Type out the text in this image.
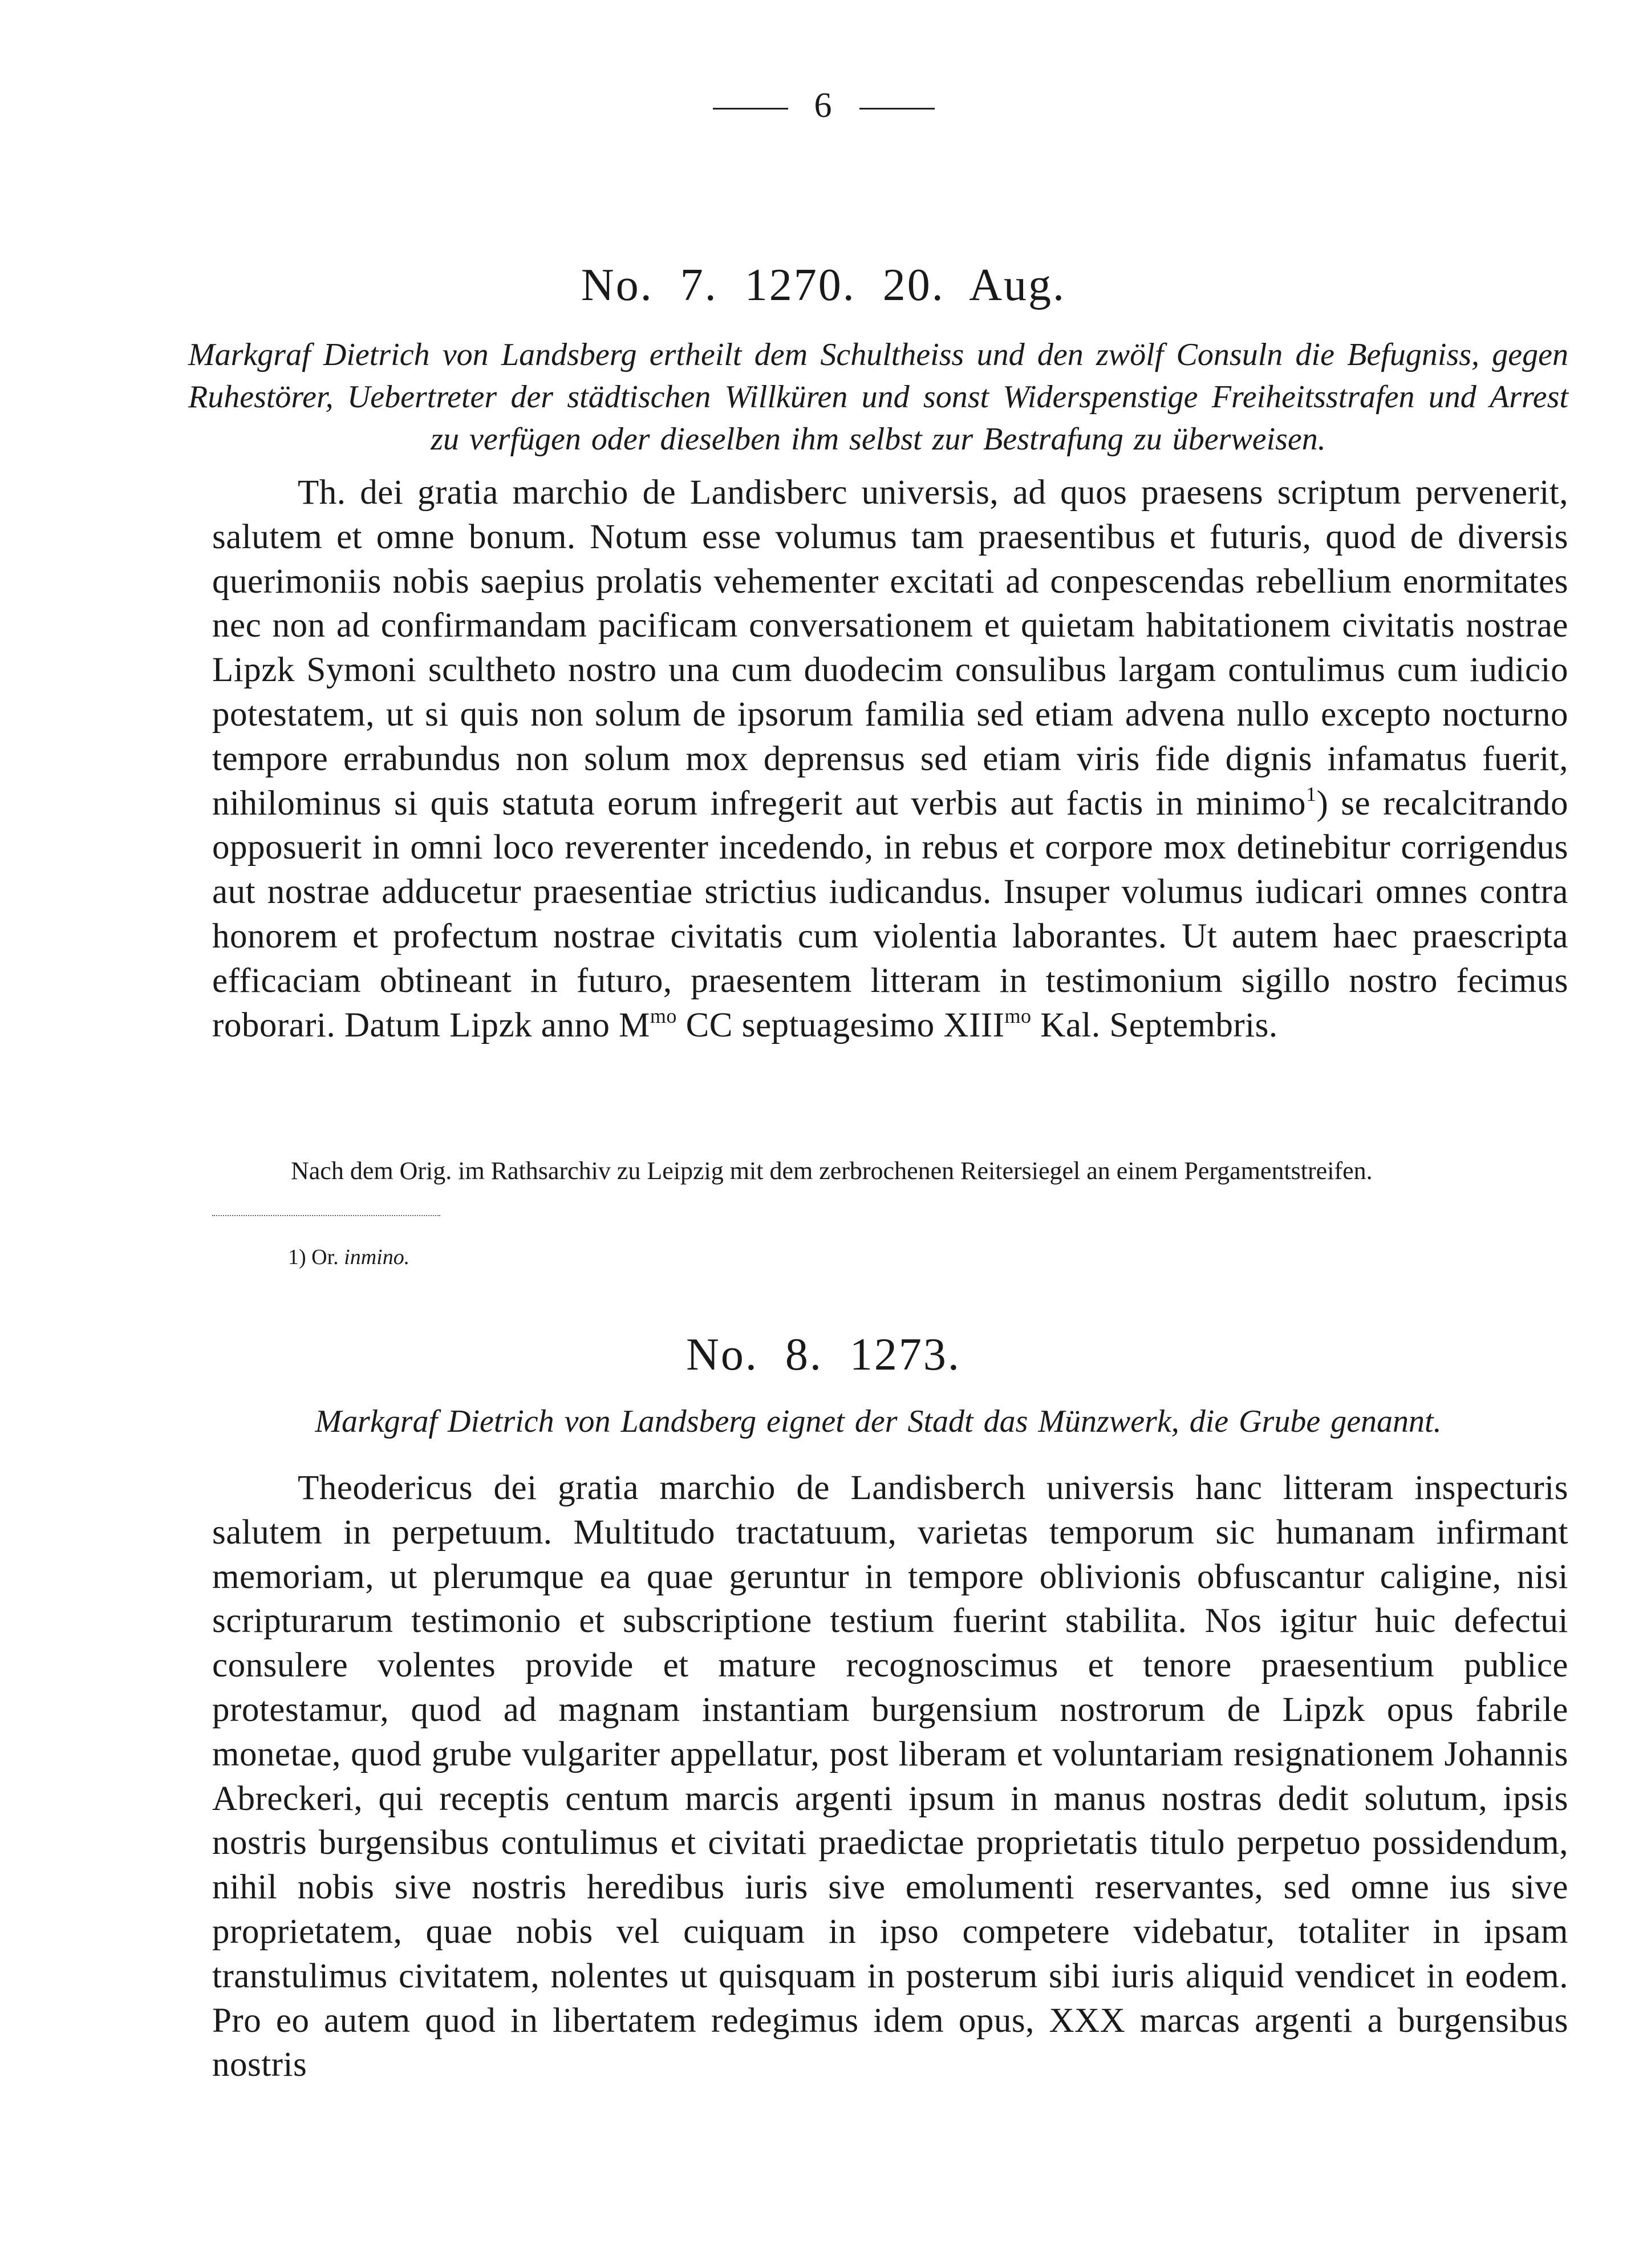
6
No. 7. 1270. 20. Aug.
Markgraf Dietrich von Landsberg ertheilt dem Schultheiss und den zwölf Consuln die Befugniss, gegen Ruhestörer, Uebertreter der städtischen Willküren und sonst Widerspenstige Freiheitsstrafen und Arrest zu verfügen oder dieselben ihm selbst zur Bestrafung zu überweisen.
Th. dei gratia marchio de Landisberc universis, ad quos praesens scriptum pervenerit, salutem et omne bonum. Notum esse volumus tam praesentibus et futuris, quod de diversis querimoniis nobis saepius prolatis vehementer excitati ad conpescendas rebellium enormitates nec non ad confirmandam pacificam conversationem et quietam habitationem civitatis nostrae Lipzk Symoni scultheto nostro una cum duodecim consulibus largam contulimus cum iudicio potestatem, ut si quis non solum de ipsorum familia sed etiam advena nullo excepto nocturno tempore errabundus non solum mox deprensus sed etiam viris fide dignis infamatus fuerit, nihilominus si quis statuta eorum infregerit aut verbis aut factis in minimo$^1$) se recalcitrando opposuerit in omni loco reverenter incedendo, in rebus et corpore mox detinebitur corrigendus aut nostrae adducetur praesentiae strictius iudicandus. Insuper volumus iudicari omnes contra honorem et profectum nostrae civitatis cum violentia laborantes. Ut autem haec praescripta efficaciam obtineant in futuro, praesentem litteram in testimonium sigillo nostro fecimus roborari. Datum Lipzk anno $M^{mo}$ CC septuagesimo $XIII^{mo}$ Kal. Septembris.
Nach dem Orig. im Rathsarchiv zu Leipzig mit dem zerbrochenen Reitersiegel an einem Pergamentstreifen.
1) Or. inmino.
No. 8. 1273.
Markgraf Dietrich von Landsberg eignet der Stadt das Münzwerk, die Grube genannt.
Theodericus dei gratia marchio de Landisberch universis hanc litteram inspecturis salutem in perpetuum. Multitudo tractatuum, varietas temporum sic humanam infirmant memoriam, ut plerumque ea quae geruntur in tempore oblivionis obfuscantur caligine, nisi scripturarum testimonio et subscriptione testium fuerint stabilita. Nos igitur huic defectui consulere volentes provide et mature recognoscimus et tenore praesentium publice protestamur, quod ad magnam instantiam burgensium nostrorum de Lipzk opus fabrile monetae, quod grube vulgariter appellatur, post liberam et voluntariam resignationem Johannis Abreckeri, qui receptis centum marcis argenti ipsum in manus nostras dedit solutum, ipsis nostris burgensibus contulimus et civitati praedictae proprietatis titulo perpetuo possidendum, nihil nobis sive nostris heredibus iuris sive emolumenti reservantes, sed omne ius sive proprietatem, quae nobis vel cuiquam in ipso competere videbatur, totaliter in ipsam transtulimus civitatem, nolentes ut quisquam in posterum sibi iuris aliquid vendicet in eodem. Pro eo autem quod in libertatem redegimus idem opus, XXX marcas argenti a burgensibus nostris
